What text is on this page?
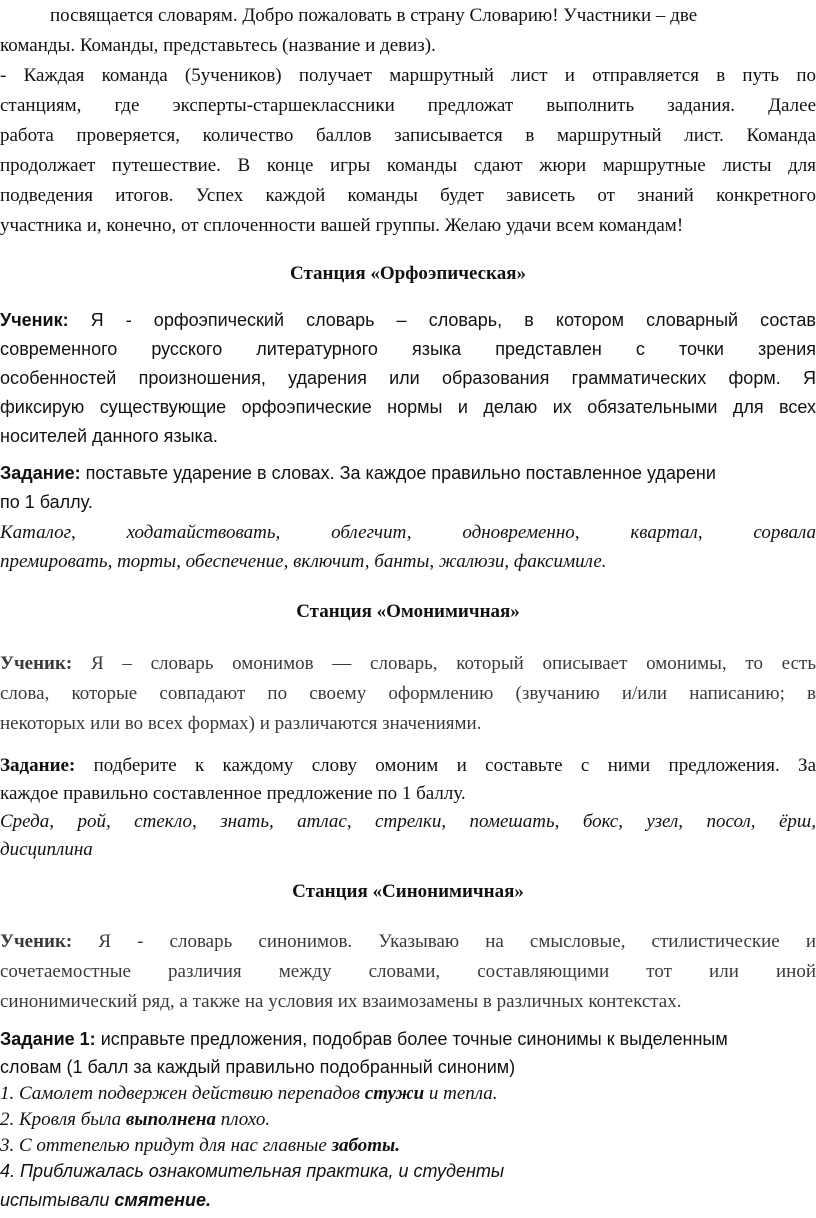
посвящается словарям. Добро пожаловать в страну Словарию! Участники – две
команды. Команды, представьтесь (название и девиз).
- Каждая команда (5учеников) получает маршрутный лист и отправляется в путь по
станциям, где эксперты-старшеклассники предложат выполнить задания. Далее
работа проверяется, количество баллов записывается в маршрутный лист. Команда
продолжает путешествие. В конце игры команды сдают жюри маршрутные листы для
подведения итогов. Успех каждой команды будет зависеть от знаний конкретного
участника и, конечно, от сплоченности вашей группы. Желаю удачи всем командам!
Станция «Орфоэпическая»
Ученик: Я - орфоэпический словарь – словарь, в котором словарный состав
современного русского литературного языка представлен с точки зрения
особенностей произношения, ударения или образования грамматических форм. Я
фиксирую существующие орфоэпические нормы и делаю их обязательными для всех
носителей данного языка.
Задание: поставьте ударение в словах. За каждое правильно поставленное ударени
по 1 баллу.
Каталог, ходатайствовать, облегчит, одновременно, квартал, сорвала
премировать, торты, обеспечение, включит, банты, жалюзи, факсимиле.
Станция «Омонимичная»
Ученик: Я – словарь омонимов — словарь, который описывает омонимы, то есть
слова, которые совпадают по своему оформлению (звучанию и/или написанию; в
некоторых или во всех формах) и различаются значениями.
Задание: подберите к каждому слову омоним и составьте с ними предложения. За
каждое правильно составленное предложение по 1 баллу.
Среда, рой, стекло, знать, атлас, стрелки, помешать, бокс, узел, посол, ёрш,
дисциплина
Станция «Синонимичная»
Ученик: Я - словарь синонимов. Указываю на смысловые, стилистические и
сочетаемостные различия между словами, составляющими тот или иной
синонимический ряд, а также на условия их взаимозамены в различных контекстах.
Задание 1: исправьте предложения, подобрав более точные синонимы к выделенным
словам (1 балл за каждый правильно подобранный синоним)
1. Самолет подвержен действию перепадов стужи и тепла.
2. Кровля была выполнена плохо.
3. С оттепелью придут для нас главные заботы.
4. Приближалась ознакомительная практика, и студенты
испытывали смятение.
